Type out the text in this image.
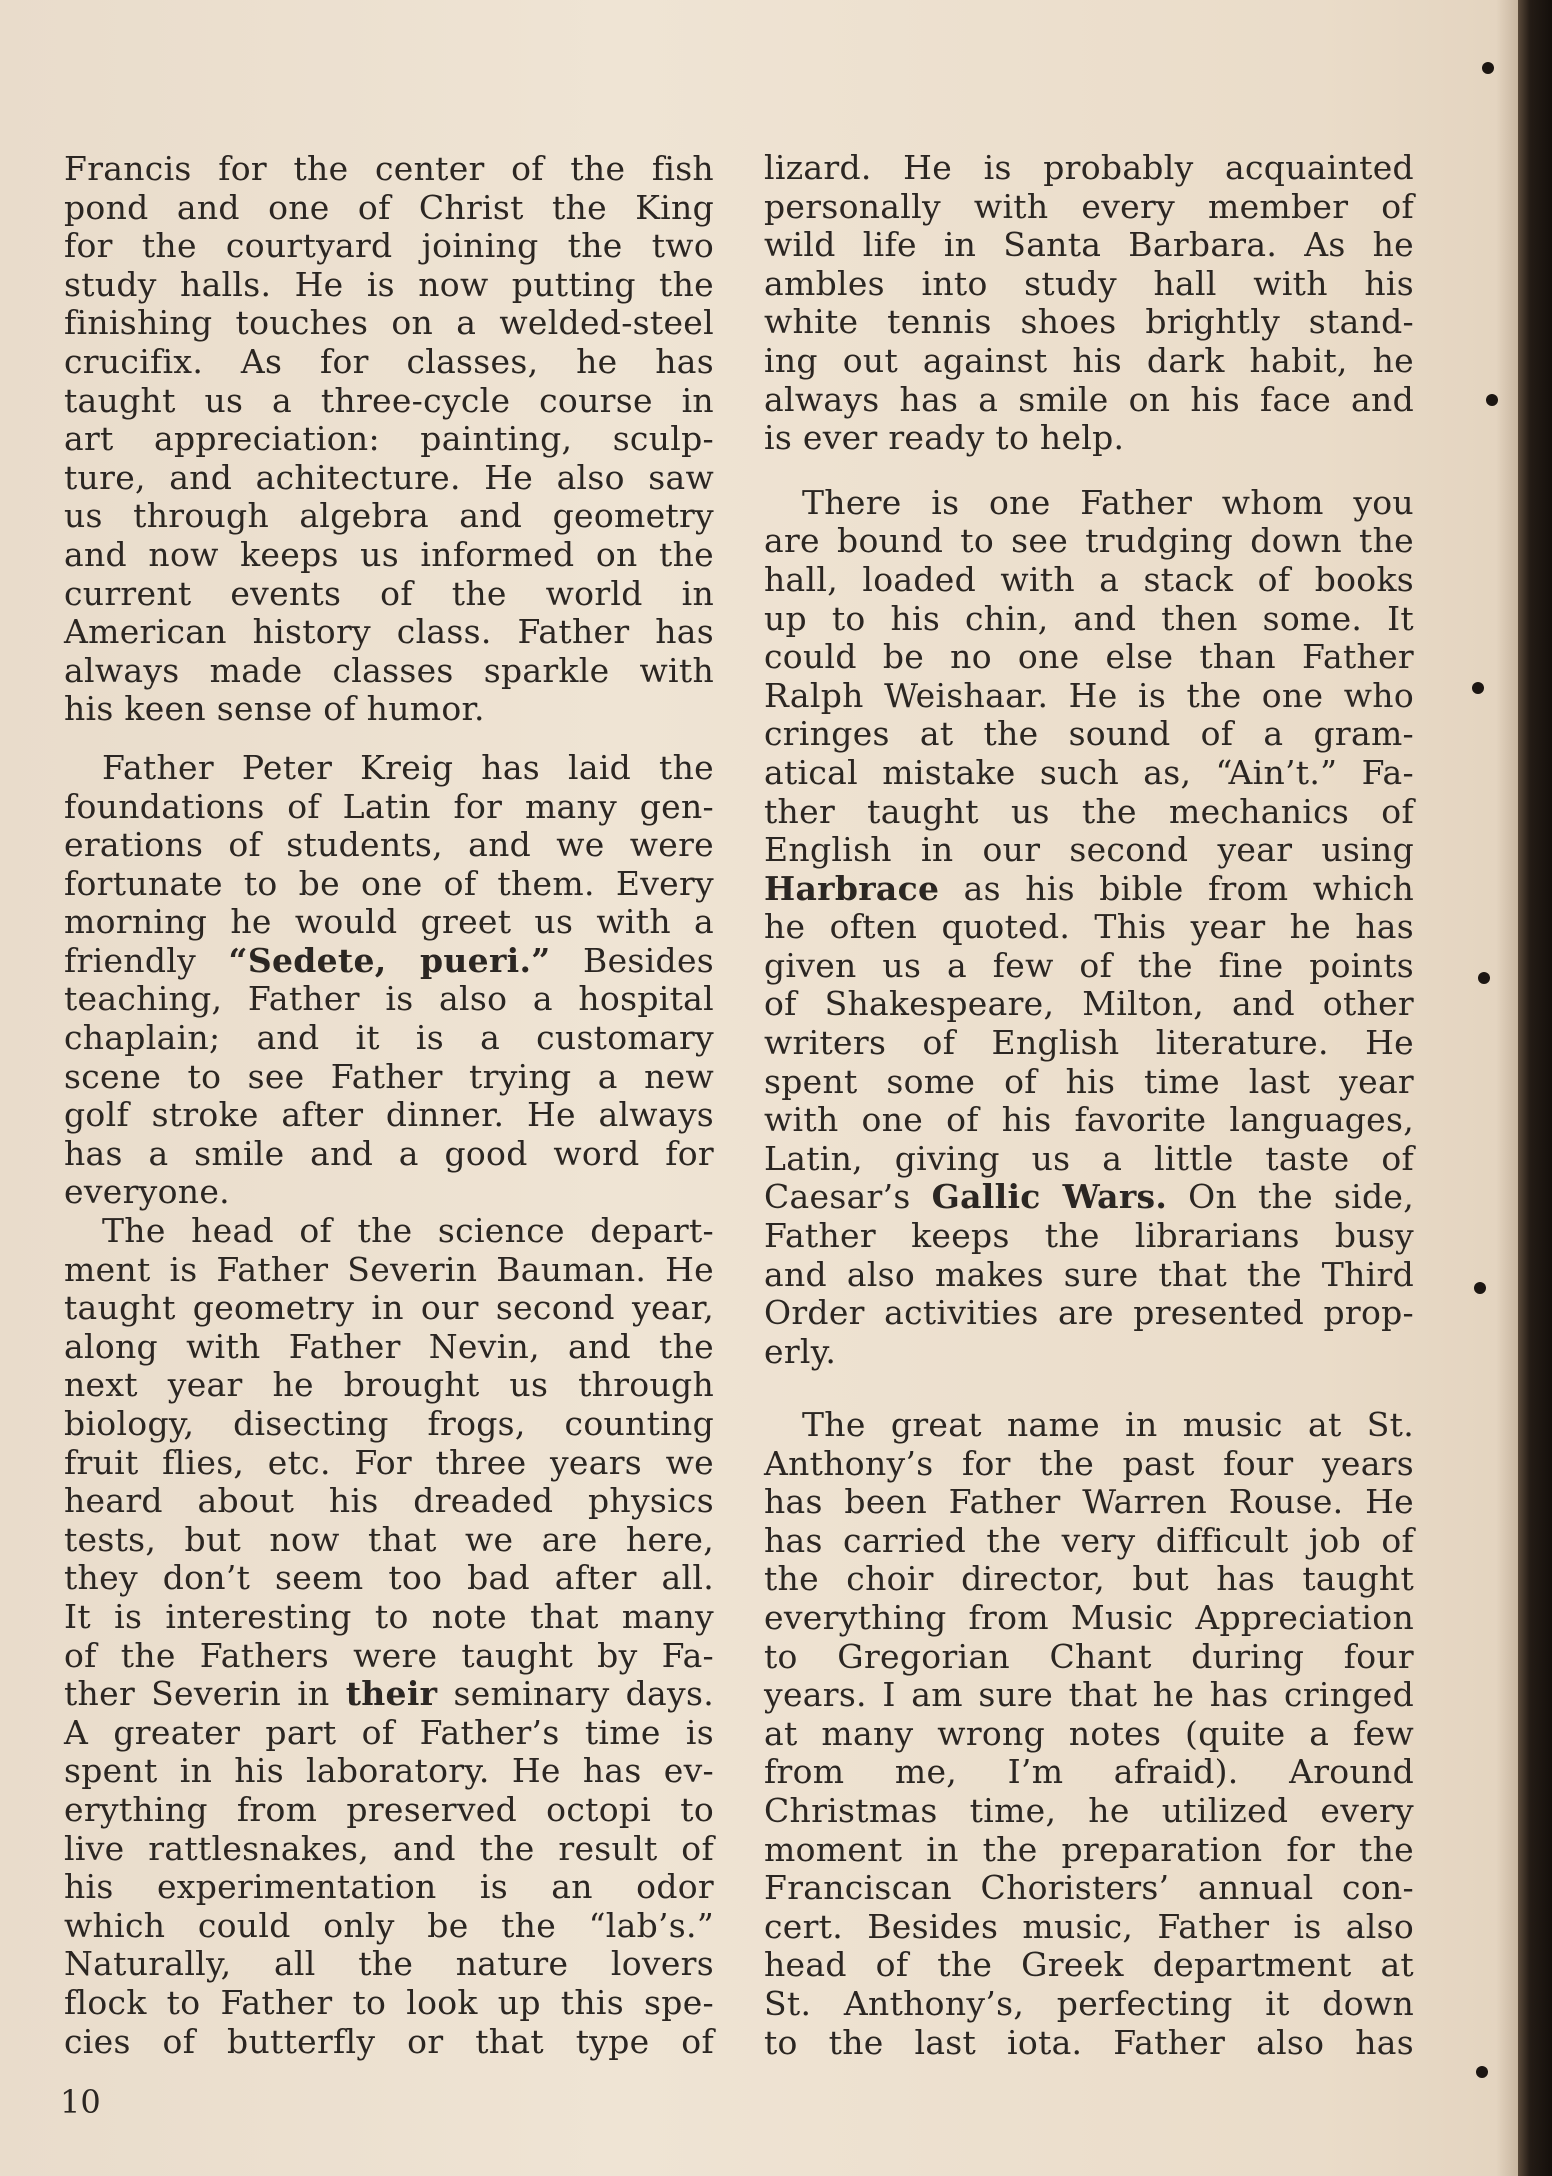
Francis for the center of the fish

pond and one of Christ the King

for the courtyard joining the two

study halls. He is now putting the

finishing touches on a welded-steel

crucifix. As for classes, he has

taught us a three-cycle course in

art appreciation: painting, sculp-

ture, and achitecture. He also saw

us through algebra and geometry

and now keeps us informed on the

current events of the world in

American history class. Father has

always made classes sparkle with

his keen sense of humor.

Father Peter Kreig has laid the

foundations of Latin for many gen-

erations of students, and we were

fortunate to be one of them. Every

morning he would greet us with a

friendly “Sedete, pueri.” Besides

teaching, Father is also a hospital

chaplain; and it is a customary

scene to see Father trying a new

golf stroke after dinner. He always

has a smile and a good word for

everyone.

The head of the science depart-

ment is Father Severin Bauman. He

taught geometry in our second year,

along with Father Nevin, and the

next year he brought us through

biology, disecting frogs, counting

fruit flies, etc. For three years we

heard about his dreaded physics

tests, but now that we are here,

they don’t seem too bad after all.

It is interesting to note that many

of the Fathers were taught by Fa-

ther Severin in their seminary days.

A greater part of Father’s time is

spent in his laboratory. He has ev-

erything from preserved octopi to

live rattlesnakes, and the result of

his experimentation is an odor

which could only be the “lab’s.”

Naturally, all the nature lovers

flock to Father to look up this spe-

cies of butterfly or that type of

lizard. He is probably acquainted

personally with every member of

wild life in Santa Barbara. As he

ambles into study hall with his

white tennis shoes brightly stand-

ing out against his dark habit, he

always has a smile on his face and

is ever ready to help.

There is one Father whom you

are bound to see trudging down the

hall, loaded with a stack of books

up to his chin, and then some. It

could be no one else than Father

Ralph Weishaar. He is the one who

cringes at the sound of a gram-

atical mistake such as, “Ain’t.” Fa-

ther taught us the mechanics of

English in our second year using

Harbrace as his bible from which

he often quoted. This year he has

given us a few of the fine points

of Shakespeare, Milton, and other

writers of English literature. He

spent some of his time last year

with one of his favorite languages,

Latin, giving us a little taste of

Caesar’s Gallic Wars. On the side,

Father keeps the librarians busy

and also makes sure that the Third

Order activities are presented prop-

erly.

The great name in music at St.

Anthony’s for the past four years

has been Father Warren Rouse. He

has carried the very difficult job of

the choir director, but has taught

everything from Music Appreciation

to Gregorian Chant during four

years. I am sure that he has cringed

at many wrong notes (quite a few

from me, I’m afraid). Around

Christmas time, he utilized every

moment in the preparation for the

Franciscan Choristers’ annual con-

cert. Besides music, Father is also

head of the Greek department at

St. Anthony’s, perfecting it down

to the last iota. Father also has

10
